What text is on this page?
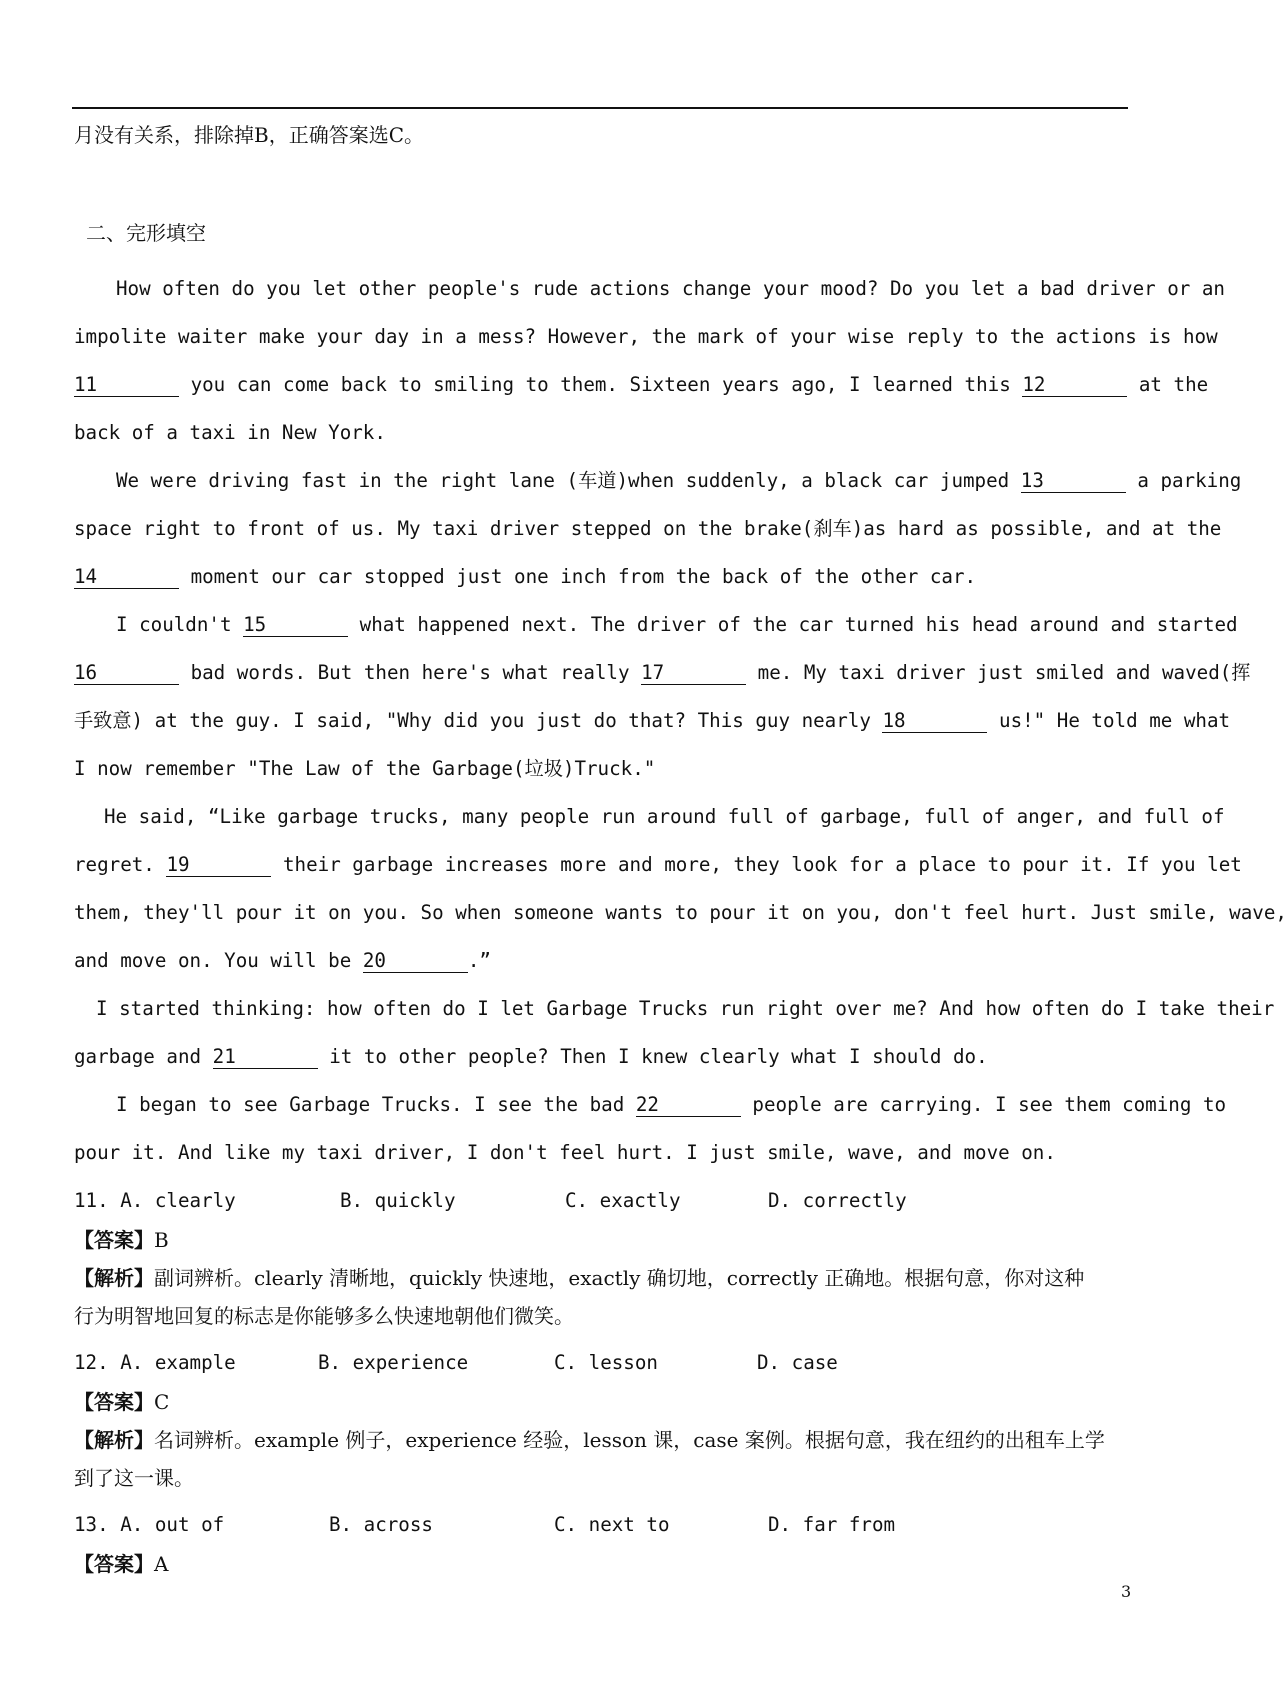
月没有关系，排除掉B，正确答案选C。
二、完形填空
How often do you let other people's rude actions change your mood? Do you let a bad driver or an
impolite waiter make your day in a mess? However, the mark of your wise reply to the actions is how
11	you can come back to smiling to them. Sixteen years ago, I learned this 12	at the
back of a taxi in New York.
We were driving fast in the right lane (车道)when suddenly, a black car jumped 13	a parking
space right to front of us. My taxi driver stepped on the brake(刹车)as hard as possible, and at the
14	moment our car stopped just one inch from the back of the other car.
I couldn't 15	what happened next. The driver of the car turned his head around and started
16	bad words. But then here's what really 17	me. My taxi driver just smiled and waved(挥
手致意) at the guy. I said, "Why did you just do that? This guy nearly 18	us!" He told me what
I now remember "The Law of the Garbage(垃圾)Truck."
He said, “Like garbage trucks, many people run around full of garbage, full of anger, and full of
regret. 19	their garbage increases more and more, they look for a place to pour it. If you let
them, they'll pour it on you. So when someone wants to pour it on you, don't feel hurt. Just smile, wave,
and move on. You will be 20	.”
I started thinking: how often do I let Garbage Trucks run right over me? And how often do I take their
garbage and 21	it to other people? Then I knew clearly what I should do.
I began to see Garbage Trucks. I see the bad 22	people are carrying. I see them coming to
pour it. And like my taxi driver, I don't feel hurt. I just smile, wave, and move on.
11. A. clearly	B. quickly	C. exactly	D. correctly
【答案】B
【解析】副词辨析。clearly 清晰地，quickly 快速地，exactly 确切地，correctly 正确地。根据句意，你对这种
行为明智地回复的标志是你能够多么快速地朝他们微笑。
12. A. example	B. experience	C. lesson	D. case
【答案】C
【解析】名词辨析。example 例子，experience 经验，lesson 课，case 案例。根据句意，我在纽约的出租车上学
到了这一课。
13. A. out of	B. across	C. next to	D. far from
【答案】A
3
